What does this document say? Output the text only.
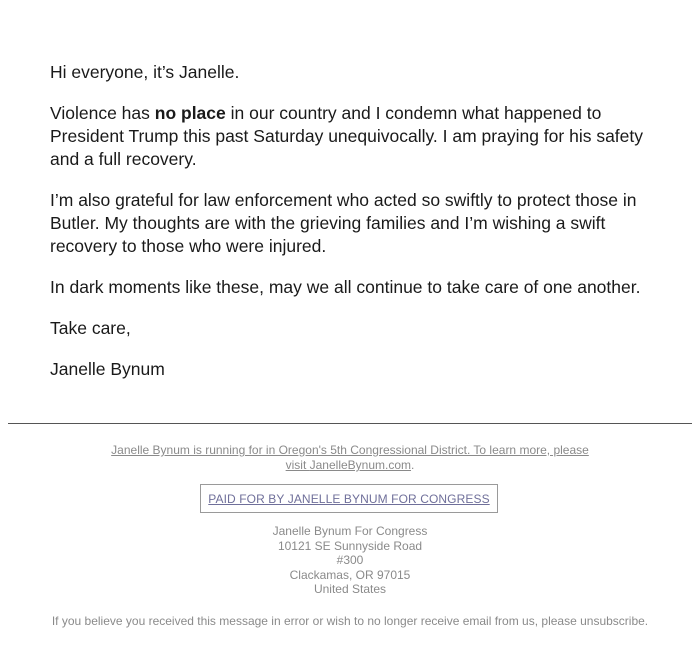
Hi everyone, it’s Janelle.

Violence has no place in our country and I condemn what happened to President Trump this past Saturday unequivocally. I am praying for his safety and a full recovery.

I’m also grateful for law enforcement who acted so swiftly to protect those in Butler. My thoughts are with the grieving families and I’m wishing a swift recovery to those who were injured.

In dark moments like these, may we all continue to take care of one another.

Take care,

Janelle Bynum

Janelle Bynum is running for in Oregon's 5th Congressional District. To learn more, please visit JanelleBynum.com.
PAID FOR BY JANELLE BYNUM FOR CONGRESS
Janelle Bynum For Congress
10121 SE Sunnyside Road
#300
Clackamas, OR 97015
United States
If you believe you received this message in error or wish to no longer receive email from us, please unsubscribe.
